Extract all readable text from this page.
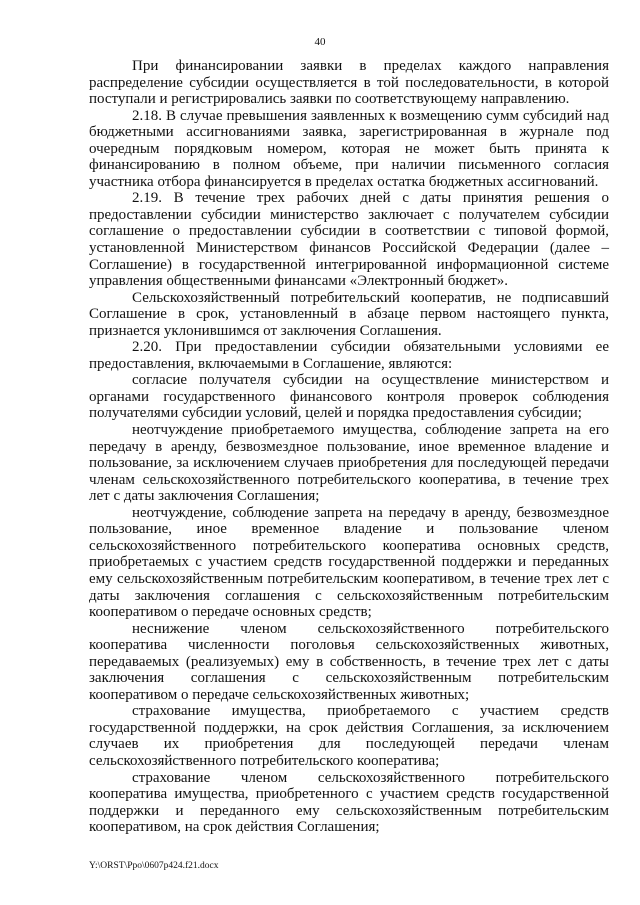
40

При финансировании заявки в пределах каждого направления распределение субсидии осуществляется в той последовательности, в которой поступали и регистрировались заявки по соответствующему направлению.

2.18. В случае превышения заявленных к возмещению сумм субсидий над бюджетными ассигнованиями заявка, зарегистрированная в журнале под очередным порядковым номером, которая не может быть принята к финансированию в полном объеме, при наличии письменного согласия участника отбора финансируется в пределах остатка бюджетных ассигнований.

2.19. В течение трех рабочих дней с даты принятия решения о предоставлении субсидии министерство заключает с получателем субсидии соглашение о предоставлении субсидии в соответствии с типовой формой, установленной Министерством финансов Российской Федерации (далее – Соглашение) в государственной интегрированной информационной системе управления общественными финансами «Электронный бюджет».

Сельскохозяйственный потребительский кооператив, не подписавший Соглашение в срок, установленный в абзаце первом настоящего пункта, признается уклонившимся от заключения Соглашения.

2.20. При предоставлении субсидии обязательными условиями ее предоставления, включаемыми в Соглашение, являются:

согласие получателя субсидии на осуществление министерством и органами государственного финансового контроля проверок соблюдения получателями субсидии условий, целей и порядка предоставления субсидии;

неотчуждение приобретаемого имущества, соблюдение запрета на его передачу в аренду, безвозмездное пользование, иное временное владение и пользование, за исключением случаев приобретения для последующей передачи членам сельскохозяйственного потребительского кооператива, в течение трех лет с даты заключения Соглашения;

неотчуждение, соблюдение запрета на передачу в аренду, безвозмездное пользование, иное временное владение и пользование членом сельскохозяйственного потребительского кооператива основных средств, приобретаемых с участием средств государственной поддержки и переданных ему сельскохозяйственным потребительским кооперативом, в течение трех лет с даты заключения соглашения с сельскохозяйственным потребительским кооперативом о передаче основных средств;

неснижение членом сельскохозяйственного потребительского кооператива численности поголовья сельскохозяйственных животных, передаваемых (реализуемых) ему в собственность, в течение трех лет с даты заключения соглашения с сельскохозяйственным потребительским кооперативом о передаче сельскохозяйственных животных;

страхование имущества, приобретаемого с участием средств государственной поддержки, на срок действия Соглашения, за исключением случаев их приобретения для последующей передачи членам сельскохозяйственного потребительского кооператива;

страхование членом сельскохозяйственного потребительского кооператива имущества, приобретенного с участием средств государственной поддержки и переданного ему сельскохозяйственным потребительским кооперативом, на срок действия Соглашения;

Y:\ORST\Ppo\0607p424.f21.docx
